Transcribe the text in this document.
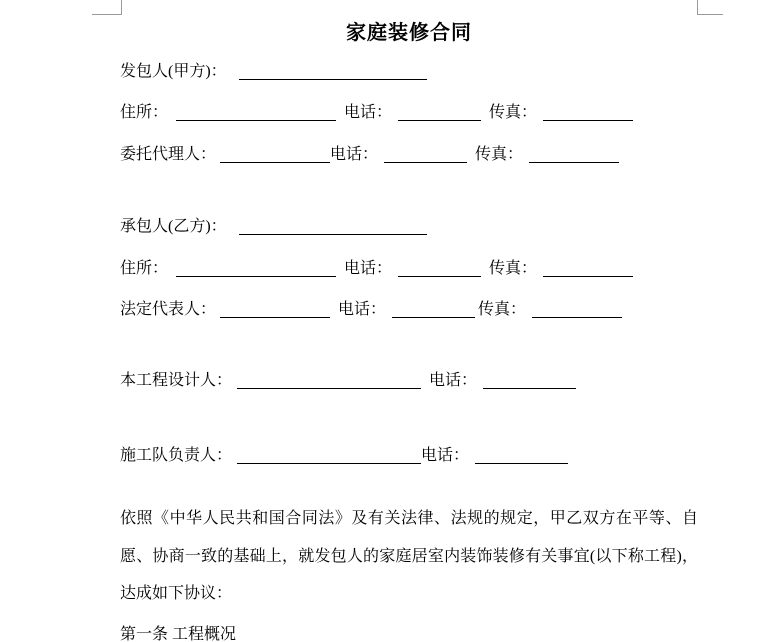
家庭装修合同
发包人(甲方)：
住所：	电话：	传真：
委托代理人：	电话：	传真：
承包人(乙方)：
住所：	电话：	传真：
法定代表人：	电话：	传真：
本工程设计人：	电话：
施工队负责人：	电话：
依照《中华人民共和国合同法》及有关法律、法规的规定，甲乙双方在平等、自愿、协商一致的基础上，就发包人的家庭居室内装饰装修有关事宜(以下称工程)，达成如下协议：
第一条 工程概况
